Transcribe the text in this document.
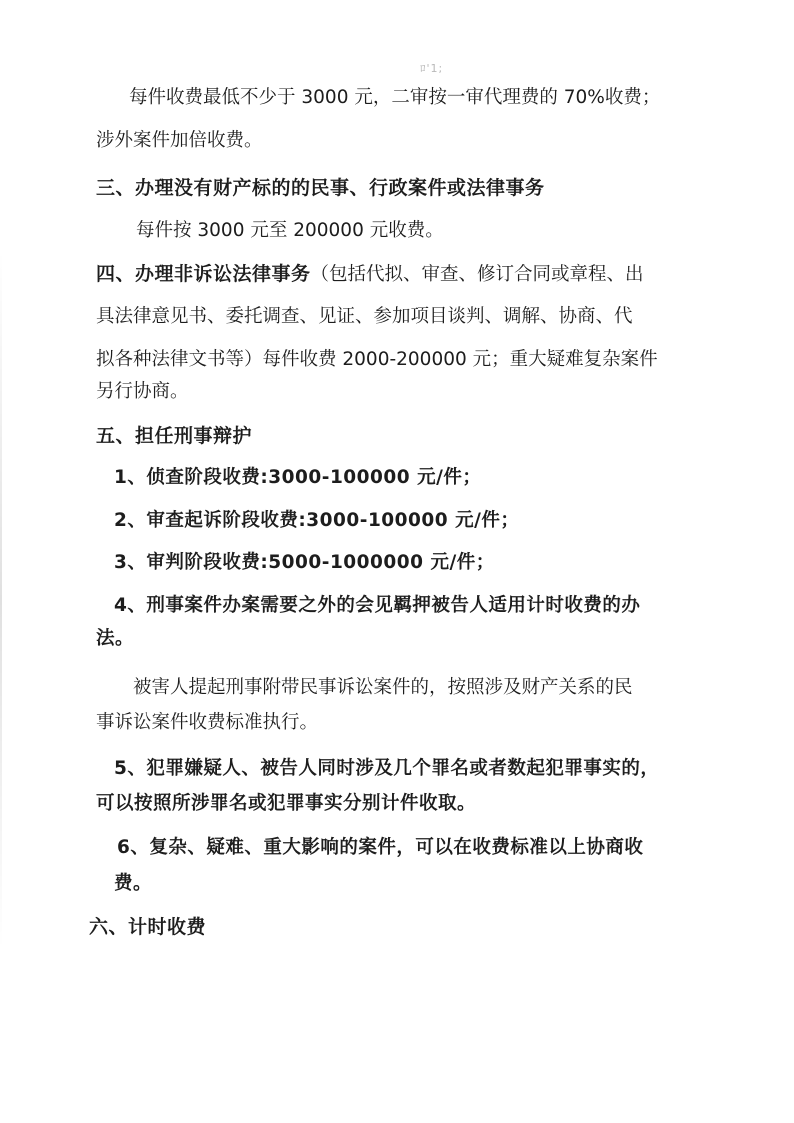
ﾛ'1;
每件收费最低不少于 3000 元，二审按一审代理费的 70%收费；
涉外案件加倍收费。
三、办理没有财产标的的民事、行政案件或法律事务
每件按 3000 元至 200000 元收费。
四、办理非诉讼法律事务（包括代拟、审查、修订合同或章程、出
具法律意见书、委托调查、见证、参加项目谈判、调解、协商、代
拟各种法律文书等）每件收费 2000-200000 元；重大疑难复杂案件
另行协商。
五、担任刑事辩护
1、侦查阶段收费:3000-100000 元/件；
2、审查起诉阶段收费:3000-100000 元/件；
3、审判阶段收费:5000-1000000 元/件；
4、刑事案件办案需要之外的会见羁押被告人适用计时收费的办
法。
被害人提起刑事附带民事诉讼案件的，按照涉及财产关系的民
事诉讼案件收费标准执行。
5、犯罪嫌疑人、被告人同时涉及几个罪名或者数起犯罪事实的，
可以按照所涉罪名或犯罪事实分别计件收取。
6、复杂、疑难、重大影响的案件，可以在收费标准以上协商收
费。
六、计时收费
